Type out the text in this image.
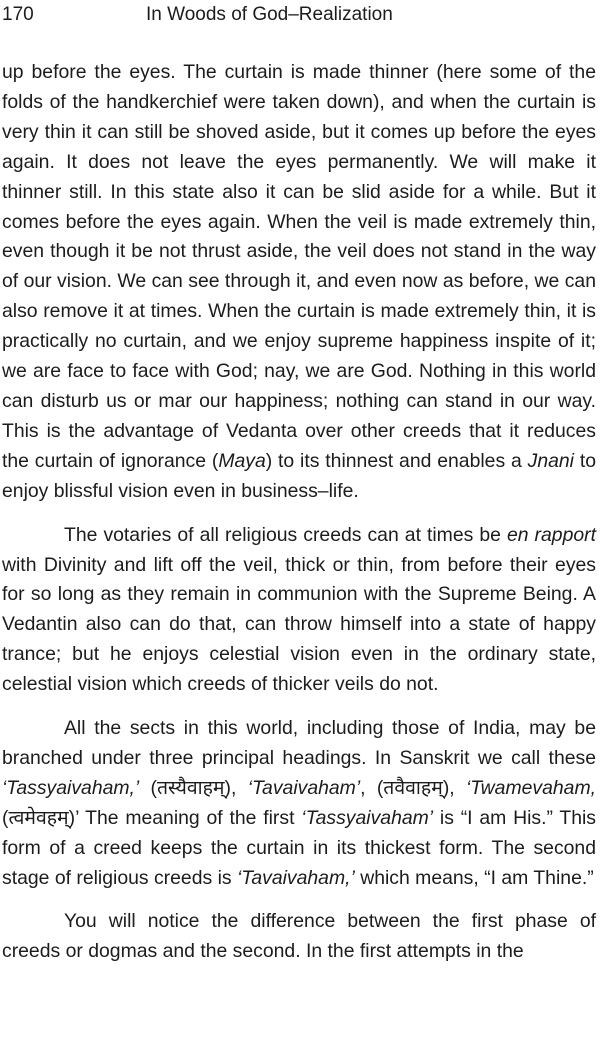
170	In Woods of God–Realization

up before the eyes. The curtain is made thinner (here some of the folds of the handkerchief were taken down), and when the curtain is very thin it can still be shoved aside, but it comes up before the eyes again. It does not leave the eyes permanently. We will make it thinner still. In this state also it can be slid aside for a while. But it comes before the eyes again. When the veil is made extremely thin, even though it be not thrust aside, the veil does not stand in the way of our vision. We can see through it, and even now as before, we can also remove it at times. When the curtain is made extremely thin, it is practically no curtain, and we enjoy supreme happiness inspite of it; we are face to face with God; nay, we are God. Nothing in this world can disturb us or mar our happiness; nothing can stand in our way. This is the advantage of Vedanta over other creeds that it reduces the curtain of ignorance (Maya) to its thinnest and enables a Jnani to enjoy blissful vision even in business–life.

The votaries of all religious creeds can at times be en rapport with Divinity and lift off the veil, thick or thin, from before their eyes for so long as they remain in communion with the Supreme Being. A Vedantin also can do that, can throw himself into a state of happy trance; but he enjoys celestial vision even in the ordinary state, celestial vision which creeds of thicker veils do not.

All the sects in this world, including those of India, may be branched under three principal headings. In Sanskrit we call these ‘Tassyaivaham,’ (तस्यैवाहम्), ‘Tavaivaham’, (तवैवाहम्), ‘Twamevaham,(त्वमेवहम्)’ The meaning of the first ‘Tassyaivaham’ is “I am His.” This form of a creed keeps the curtain in its thickest form. The second stage of religious creeds is ‘Tavaivaham,’ which means, “I am Thine.”

You will notice the difference between the first phase of creeds or dogmas and the second. In the first attempts in the
